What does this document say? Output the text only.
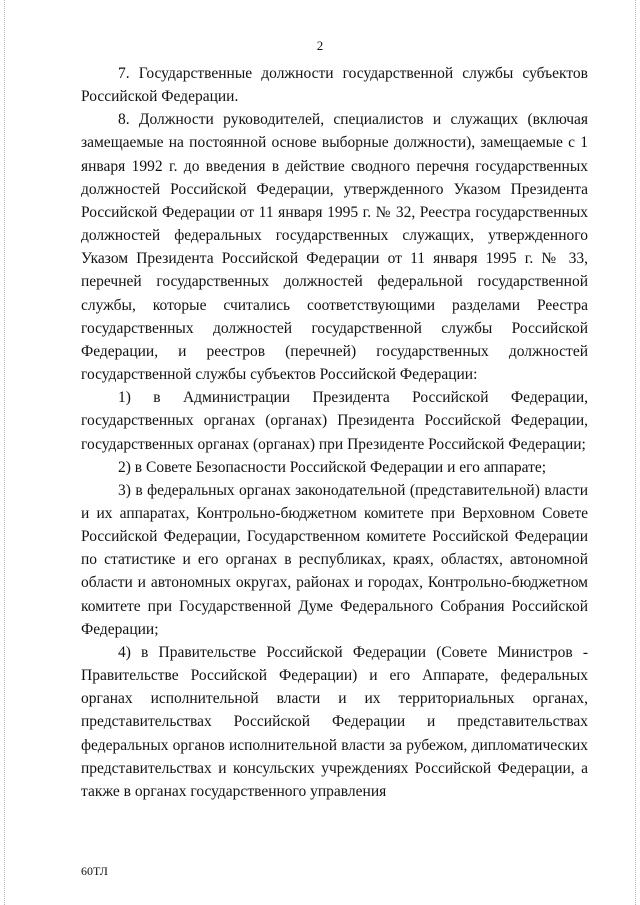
2

7. Государственные должности государственной службы субъектов Российской Федерации.

8. Должности руководителей, специалистов и служащих (включая замещаемые на постоянной основе выборные должности), замещаемые с 1 января 1992 г. до введения в действие сводного перечня государственных должностей Российской Федерации, утвержденного Указом Президента Российской Федерации от 11 января 1995 г. № 32, Реестра государственных должностей федеральных государственных служащих, утвержденного Указом Президента Российской Федерации от 11 января 1995 г. № 33, перечней государственных должностей федеральной государственной службы, которые считались соответствующими разделами Реестра государственных должностей государственной службы Российской Федерации, и реестров (перечней) государственных должностей государственной службы субъектов Российской Федерации:

1) в Администрации Президента Российской Федерации, государственных органах (органах) Президента Российской Федерации, государственных органах (органах) при Президенте Российской Федерации;

2) в Совете Безопасности Российской Федерации и его аппарате;

3) в федеральных органах законодательной (представительной) власти и их аппаратах, Контрольно-бюджетном комитете при Верховном Совете Российской Федерации, Государственном комитете Российской Федерации по статистике и его органах в республиках, краях, областях, автономной области и автономных округах, районах и городах, Контрольно-бюджетном комитете при Государственной Думе Федерального Собрания Российской Федерации;

4) в Правительстве Российской Федерации (Совете Министров - Правительстве Российской Федерации) и его Аппарате, федеральных органах исполнительной власти и их территориальных органах, представительствах Российской Федерации и представительствах федеральных органов исполнительной власти за рубежом, дипломатических представительствах и консульских учреждениях Российской Федерации, а также в органах государственного управления

60ТЛ
